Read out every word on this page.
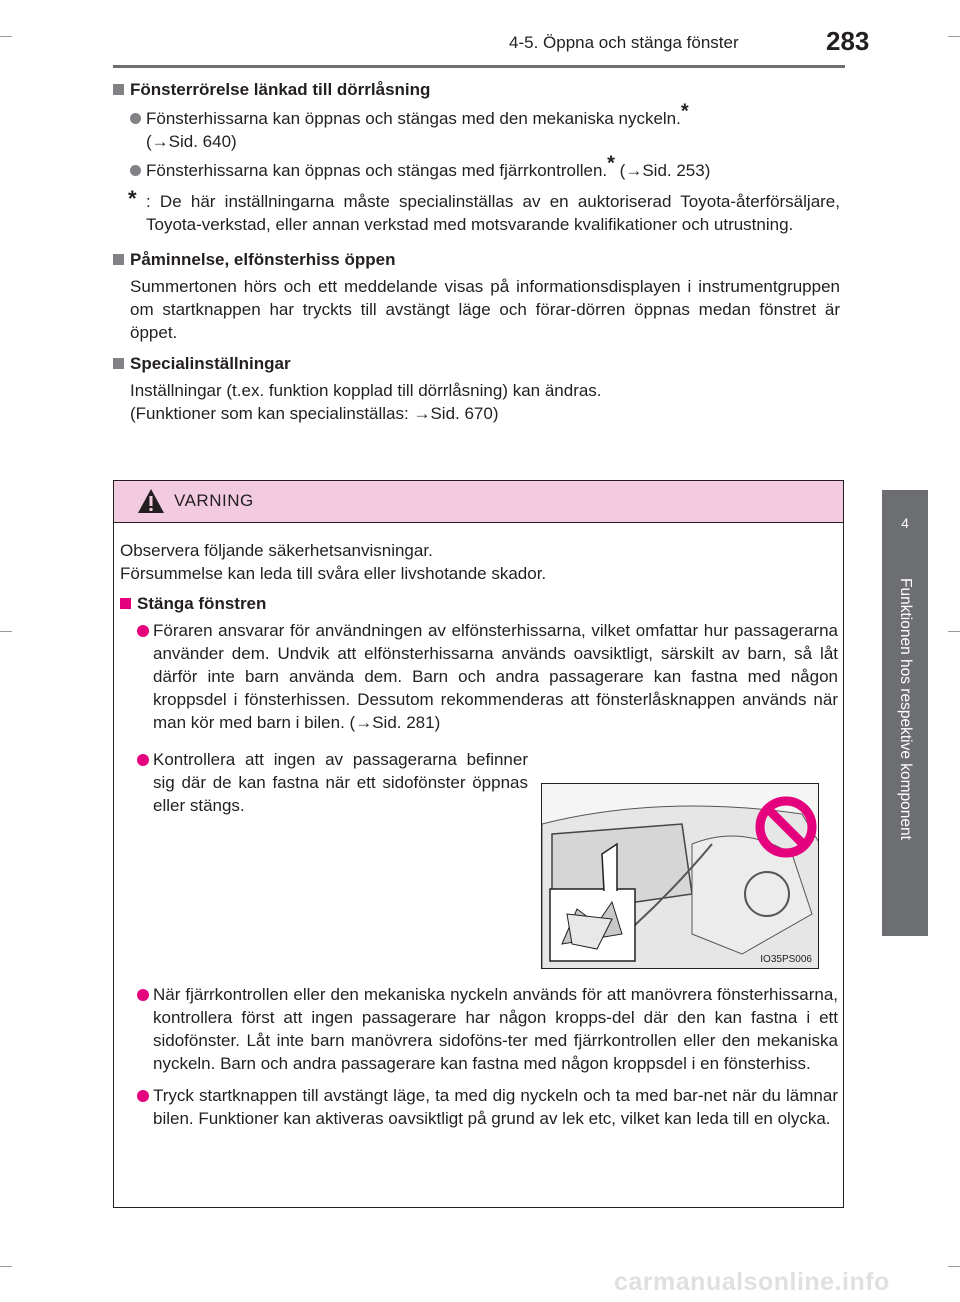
4-5. Öppna och stänga fönster	283
4
Funktionen hos respektive komponent
Fönsterrörelse länkad till dörrlåsning
Fönsterhissarna kan öppnas och stängas med den mekaniska nyckeln.*
(→Sid. 640)
Fönsterhissarna kan öppnas och stängas med fjärrkontrollen.* (→Sid. 253)
* : De här inställningarna måste specialinställas av en auktoriserad Toyota-återförsäljare, Toyota-verkstad, eller annan verkstad med motsvarande kvalifikationer och utrustning.
Påminnelse, elfönsterhiss öppen
Summertonen hörs och ett meddelande visas på informationsdisplayen i instrumentgruppen om startknappen har tryckts till avstängt läge och förar-dörren öppnas medan fönstret är öppet.
Specialinställningar
Inställningar (t.ex. funktion kopplad till dörrlåsning) kan ändras.
(Funktioner som kan specialinställas: →Sid. 670)
VARNING
Observera följande säkerhetsanvisningar.
Försummelse kan leda till svåra eller livshotande skador.
Stänga fönstren
Föraren ansvarar för användningen av elfönsterhissarna, vilket omfattar hur passagerarna använder dem. Undvik att elfönsterhissarna används oavsiktligt, särskilt av barn, så låt därför inte barn använda dem. Barn och andra passagerare kan fastna med någon kroppsdel i fönsterhissen. Dessutom rekommenderas att fönsterlåsknappen används när man kör med barn i bilen. (→Sid. 281)
Kontrollera att ingen av passagerarna befinner sig där de kan fastna när ett sidofönster öppnas eller stängs.
IO35PS006
När fjärrkontrollen eller den mekaniska nyckeln används för att manövrera fönsterhissarna, kontrollera först att ingen passagerare har någon kropps-del där den kan fastna i ett sidofönster. Låt inte barn manövrera sidoföns-ter med fjärrkontrollen eller den mekaniska nyckeln. Barn och andra passagerare kan fastna med någon kroppsdel i en fönsterhiss.
Tryck startknappen till avstängt läge, ta med dig nyckeln och ta med bar-net när du lämnar bilen. Funktioner kan aktiveras oavsiktligt på grund av lek etc, vilket kan leda till en olycka.
carmanualsonline.info
